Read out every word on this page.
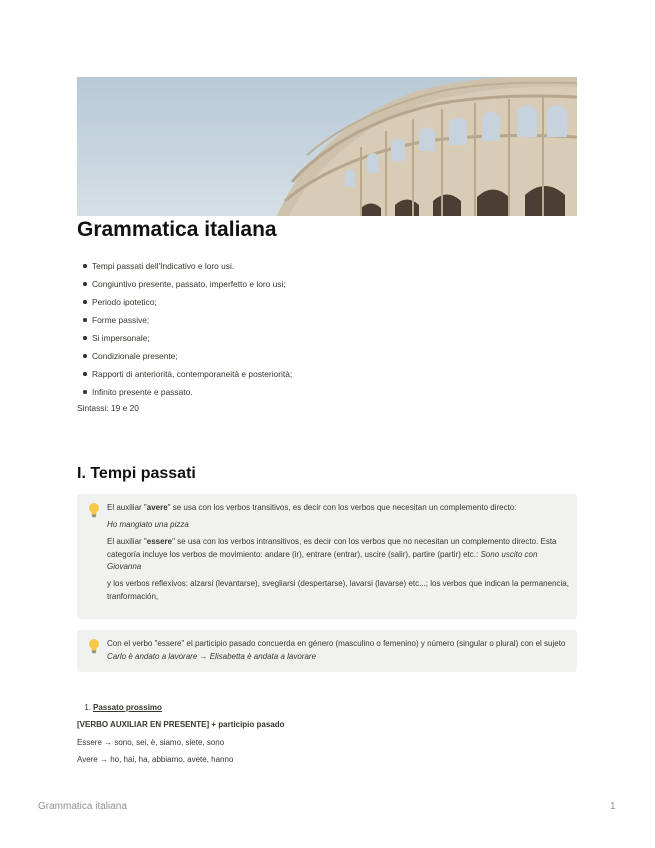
Grammatica italiana
Tempi passati dell'Indicativo e loro usi.
Congiuntivo presente, passato, imperfetto e loro usi;
Periodo ipotetico;
Forme passive;
Si impersonale;
Condizionale presente;
Rapporti di anteriorità, contemporaneità e posteriorità;
Infinito presente e passato.
Sintassi: 19 e 20
I. Tempi passati

El auxiliar "avere" se usa con los verbos transitivos, es decir con los verbos que necesitan un complemento directo:

Ho mangiato una pizza

El auxiliar "essere" se usa con los verbos intransitivos, es decir con los verbos que no necesitan un complemento directo. Esta categoría incluye los verbos de movimiento: andare (ir), entrare (entrar), uscire (salir), partire (partir) etc.: Sono uscito con Giovanna

y los verbos reflexivos: alzarsi (levantarse), svegliarsi (despertarse), lavarsi (lavarse) etc...; los verbos que indican la permanencia, tranformación,

Con el verbo "essere" el participio pasado concuerda en género (masculino o femenino) y número (singular o plural) con el sujeto Carlo è andato a lavorare → Elisabetta è andata a lavorare

1. Passato prossimo
[VERBO AUXILIAR EN PRESENTE] + participio pasado
Essere → sono, sei, è, siamo, siete, sono
Avere → ho, hai, ha, abbiamo, avete, hanno
Grammatica italiana	1
